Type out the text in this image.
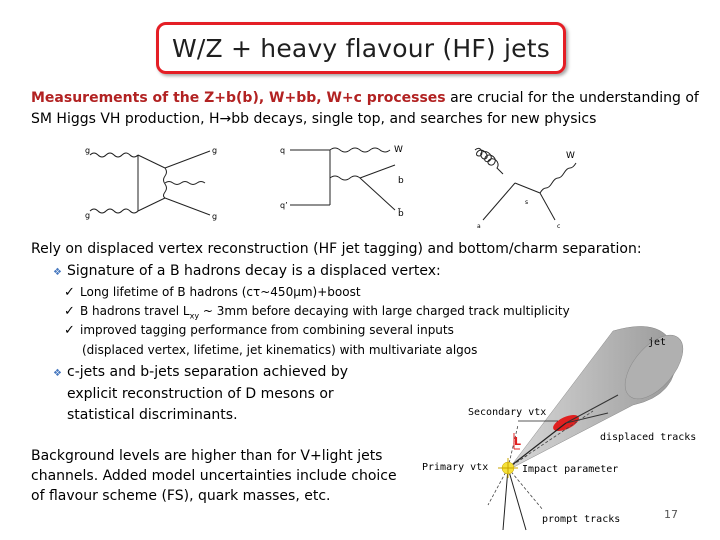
W/Z + heavy flavour (HF) jets
Measurements of the Z+b(b), W+bb, W+c processes are crucial for the understanding of
SM Higgs VH production, H→bb decays, single top, and searches for new physics
g
g
g
g
q	W
b
q’
b̄
W
s
a	c
Rely on displaced vertex reconstruction (HF jet tagging) and bottom/charm separation:
❖ Signature of a B hadrons decay is a displaced vertex:
✓ Long lifetime of B hadrons (cτ~450μm)+boost
✓ B hadrons travel $L_{xy}$ ~ 3mm before decaying with large charged track multiplicity
✓ improved tagging performance from combining several inputs
(displaced vertex, lifetime, jet kinematics) with multivariate algos
❖ c-jets and b-jets separation achieved by
explicit reconstruction of D mesons or
statistical discriminants.
Background levels are higher than for V+light jets channels. Added model uncertainties include choice of flavour scheme (FS), quark masses, etc.
L
jet
Secondary vtx
displaced tracks
Primary vtx	Impact parameter
prompt tracks	17
